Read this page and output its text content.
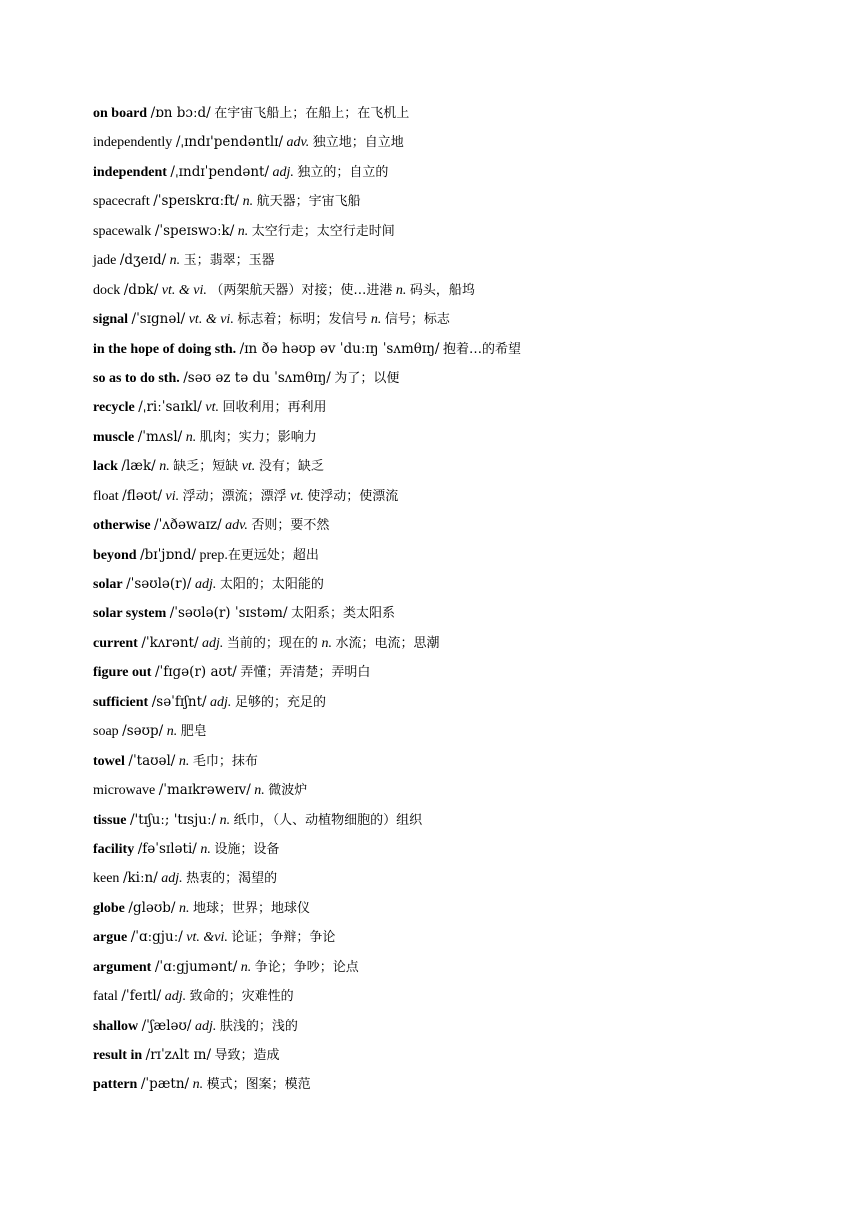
on board /ɒn bɔːd/ 在宇宙飞船上；在船上；在飞机上
independently /ˌɪndɪ'pendəntlɪ/ adv. 独立地；自立地
independent /ˌɪndɪˈpendənt/ adj. 独立的；自立的
spacecraft /ˈspeɪskrɑːft/ n. 航天器；宇宙飞船
spacewalk /ˈspeɪswɔːk/ n. 太空行走；太空行走时间
jade /dʒeɪd/ n. 玉；翡翠；玉器
dock /dɒk/ vt. & vi. （两架航天器）对接；使…进港 n. 码头，船坞
signal /ˈsɪgnəl/ vt. & vi. 标志着；标明；发信号 n. 信号；标志
in the hope of doing sth. /ɪn ðə həʊp əv ˈduːɪŋ ˈsʌmθɪŋ/ 抱着…的希望
so as to do sth. /səʊ əz tə du ˈsʌmθɪŋ/ 为了；以便
recycle /ˌriːˈsaɪkl/ vt. 回收利用；再利用
muscle /ˈmʌsl/ n. 肌肉；实力；影响力
lack /læk/ n. 缺乏；短缺 vt. 没有；缺乏
float /fləʊt/ vi. 浮动；漂流；漂浮 vt. 使浮动；使漂流
otherwise /ˈʌðəwaɪz/ adv. 否则；要不然
beyond /bɪˈjɒnd/ prep.在更远处；超出
solar /ˈsəʊlə(r)/ adj. 太阳的；太阳能的
solar system /ˈsəʊlə(r) ˈsɪstəm/ 太阳系；类太阳系
current /ˈkʌrənt/ adj. 当前的；现在的 n. 水流；电流；思潮
figure out /ˈfɪgə(r) aʊt/ 弄懂；弄清楚；弄明白
sufficient /səˈfɪʃnt/ adj. 足够的；充足的
soap /səʊp/ n. 肥皂
towel /ˈtaʊəl/ n. 毛巾；抹布
microwave /ˈmaɪkrəweɪv/ n. 微波炉
tissue /'tɪʃuː; 'tɪsjuː/ n. 纸巾，（人、动植物细胞的）组织
facility /fəˈsɪləti/ n. 设施；设备
keen /kiːn/ adj. 热衷的；渴望的
globe /gləʊb/ n. 地球；世界；地球仪
argue /ˈɑːgjuː/ vt. &vi. 论证；争辩；争论
argument /ˈɑːgjumənt/ n. 争论；争吵；论点
fatal /ˈfeɪtl/ adj. 致命的；灾难性的
shallow /ˈʃæləʊ/ adj. 肤浅的；浅的
result in /rɪˈzʌlt ɪn/ 导致；造成
pattern /ˈpætn/ n. 模式；图案；模范
